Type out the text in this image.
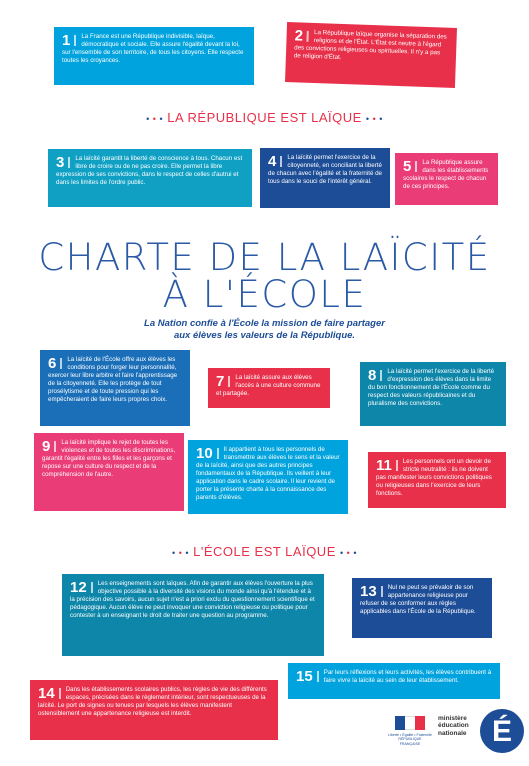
1 La France est une République indivisible, laïque, démocratique et sociale. Elle assure l'égalité devant la loi, sur l'ensemble de son territoire, de tous les citoyens. Elle respecte toutes les croyances.
2 La République laïque organise la séparation des religions et de l'État. L'État est neutre à l'égard des convictions religieuses ou spirituelles. Il n'y a pas de religion d'État.
• • • LA RÉPUBLIQUE EST LAÏQUE • • •
3 La laïcité garantit la liberté de conscience à tous. Chacun est libre de croire ou de ne pas croire. Elle permet la libre expression de ses convictions, dans le respect de celles d'autrui et dans les limites de l'ordre public.
4 La laïcité permet l'exercice de la citoyenneté, en conciliant la liberté de chacun avec l'égalité et la fraternité de tous dans le souci de l'intérêt général.
5 La République assure dans les établissements scolaires le respect de chacun de ces principes.
CHARTE DE LA LAÏCITÉ
À L'ÉCOLE
La Nation confie à l'École la mission de faire partager
aux élèves les valeurs de la République.
6 La laïcité de l'École offre aux élèves les conditions pour forger leur personnalité, exercer leur libre arbitre et faire l'apprentissage de la citoyenneté. Elle les protège de tout prosélytisme et de toute pression qui les empêcheraient de faire leurs propres choix.
7 La laïcité assure aux élèves l'accès à une culture commune et partagée.
8 La laïcité permet l'exercice de la liberté d'expression des élèves dans la limite du bon fonctionnement de l'École comme du respect des valeurs républicaines et du pluralisme des convictions.
9 La laïcité implique le rejet de toutes les violences et de toutes les discriminations, garantit l'égalité entre les filles et les garçons et repose sur une culture du respect et de la compréhension de l'autre.
10 Il appartient à tous les personnels de transmettre aux élèves le sens et la valeur de la laïcité, ainsi que des autres principes fondamentaux de la République. Ils veillent à leur application dans le cadre scolaire. Il leur revient de porter la présente charte à la connaissance des parents d'élèves.
11 Les personnels ont un devoir de stricte neutralité : ils ne doivent pas manifester leurs convictions politiques ou religieuses dans l'exercice de leurs fonctions.
• • • L'ÉCOLE EST LAÏQUE • • •
12 Les enseignements sont laïques. Afin de garantir aux élèves l'ouverture la plus objective possible à la diversité des visions du monde ainsi qu'à l'étendue et à la précision des savoirs, aucun sujet n'est a priori exclu du questionnement scientifique et pédagogique. Aucun élève ne peut invoquer une conviction religieuse ou politique pour contester à un enseignant le droit de traiter une question au programme.
13 Nul ne peut se prévaloir de son appartenance religieuse pour refuser de se conformer aux règles applicables dans l'École de la République.
14 Dans les établissements scolaires publics, les règles de vie des différents espaces, précisées dans le règlement intérieur, sont respectueuses de la laïcité. Le port de signes ou tenues par lesquels les élèves manifestent ostensiblement une appartenance religieuse est interdit.
15 Par leurs réflexions et leurs activités, les élèves contribuent à faire vivre la laïcité au sein de leur établissement.
Liberté • Égalité • Fraternité RÉPUBLIQUE FRANÇAISE
ministère
éducation
nationale É
